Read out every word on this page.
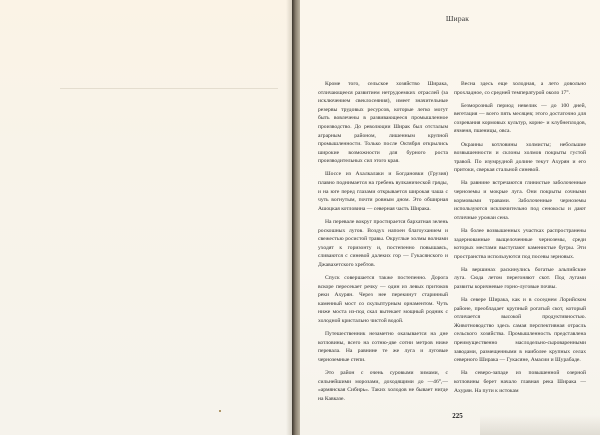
Ширак

Кроме того, сельское хозяйство Ширака, отличающееся развитием нетрудоемких отраслей (за исключением свеклосеяния), имеет значительные резервы трудовых ресурсов, которые легко могут быть вовлечены в развивающееся промышленное производство. До революции Ширак был отсталым аграрным районом, лишенным крупной промышленности. Только после Октября открылись широкие возможности для бурного роста производительных сил этого края.

Шоссе из Ахалкалаки и Богдановки (Грузия) плавно поднимается на гребень вулканической гряды, и на юге перед глазами открывается широкая чаша с чуть вогнутым, почти ровным дном. Это обширная Ашоцкая котловина — северная часть Ширака.

На перевале вокруг простирается бархатная зелень роскошных лугов. Воздух напоен благоуханием и свежестью росистой травы. Округлые холмы волнами уходят к горизонту и, постепенно повышаясь, сливаются с синевой далеких гор — Гукасянского и Джавахетского хребтов.

Спуск совершается также постепенно. Дорога вскоре пересекает речку — один из левых притоков реки Ахурян. Через нее перекинут старинный каменный мост со скульптурным орнаментом. Чуть ниже моста из-под скал вытекает мощный родник с холодной кристально чистой водой.

Путешественник незаметно оказывается на дне котловины, всего на сотню-две сотни метров ниже перевала. На равнине те же луга и луговые черноземные степи.

Это район с очень суровыми зимами, с сильнейшими морозами, доходящими до —46°,— «армянская Сибирь». Таких холодов не бывает нигде на Кавказе.

Весна здесь еще холодная, а лето довольно прохладное, со средней температурой около 17°.

Безморозный период невелик — до 100 дней, вегетация — всего пять месяцев; этого достаточно для созревания кормовых культур, корне- и клубнеплодов, ячменя, пшеницы, овса.

Окраины котловины холмисты; небольшие возвышенности и склоны холмов покрыты густой травой. По изумрудной долине текут Ахурян и его притоки, сверкая стальной синевой.

На равнине встречаются глинистые заболоченные черноземы и мокрые луга. Они покрыты сочными кормовыми травами. Заболоченные черноземы используются исключительно под сенокосы и дают отличные урожаи сена.

На более возвышенных участках распространены задернованные выщелоченные черноземы, среди которых местами выступают каменистые бугры. Эти пространства используются под посевы зерновых.

На вершинах раскинулись богатые альпийские луга. Сюда летом перегоняют скот. Под лугами развиты коричневые горно-луговые почвы.

На севере Ширака, как и в соседнем Лорийском районе, преобладает крупный рогатый скот, который отличается высокой продуктивностью. Животноводство здесь самая перспективная отрасль сельского хозяйства. Промышленность представлена преимущественно маслодельно-сыроваренными заводами, размещенными в наиболее крупных селах северного Ширака — Гукасяне, Амасии и Шурабаде.

На северо-западе из повышенной озерной котловины берет начало главная река Ширака — Ахурян. На пути к истокам

225
